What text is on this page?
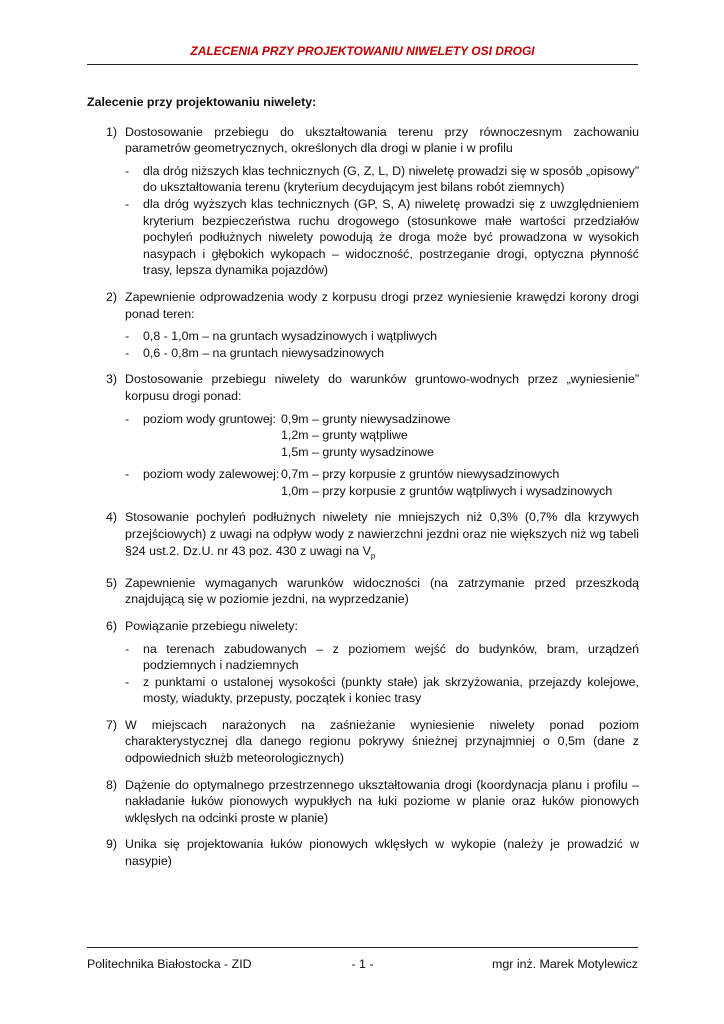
ZALECENIA PRZY PROJEKTOWANIU NIWELETY OSI DROGI
Zalecenie przy projektowaniu niwelety:
1) Dostosowanie przebiegu do ukształtowania terenu przy równoczesnym zachowaniu parametrów geometrycznych, określonych dla drogi w planie i w profilu
-	dla dróg niższych klas technicznych (G, Z, L, D) niweletę prowadzi się w sposób „opisowy” do ukształtowania terenu (kryterium decydującym jest bilans robót ziemnych)
-	dla dróg wyższych klas technicznych (GP, S, A) niweletę prowadzi się z uwzględnieniem kryterium bezpieczeństwa ruchu drogowego (stosunkowe małe wartości przedziałów pochyleń podłużnych niwelety powodują że droga może być prowadzona w wysokich nasypach i głębokich wykopach – widoczność, postrzeganie drogi, optyczna płynność trasy, lepsza dynamika pojazdów)
2) Zapewnienie odprowadzenia wody z korpusu drogi przez wyniesienie krawędzi korony drogi ponad teren:
-	0,8 - 1,0m – na gruntach wysadzinowych i wątpliwych
-	0,6 - 0,8m – na gruntach niewysadzinowych
3) Dostosowanie przebiegu niwelety do warunków gruntowo-wodnych przez „wyniesienie” korpusu drogi ponad:
-	poziom wody gruntowej: 0,9m – grunty niewysadzinowe
1,2m – grunty wątpliwe
1,5m – grunty wysadzinowe
-	poziom wody zalewowej: 0,7m – przy korpusie z gruntów niewysadzinowych
1,0m – przy korpusie z gruntów wątpliwych i wysadzinowych
4) Stosowanie pochyleń podłużnych niwelety nie mniejszych niż 0,3% (0,7% dla krzywych przejściowych) z uwagi na odpływ wody z nawierzchni jezdni oraz nie większych niż wg tabeli §24 ust.2. Dz.U. nr 43 poz. 430 z uwagi na $V_p$
5) Zapewnienie wymaganych warunków widoczności (na zatrzymanie przed przeszkodą znajdującą się w poziomie jezdni, na wyprzedzanie)
6) Powiązanie przebiegu niwelety:
-	na terenach zabudowanych – z poziomem wejść do budynków, bram, urządzeń podziemnych i nadziemnych
-	z punktami o ustalonej wysokości (punkty stałe) jak skrzyżowania, przejazdy kolejowe, mosty, wiadukty, przepusty, początek i koniec trasy
7) W miejscach narażonych na zaśnieżanie wyniesienie niwelety ponad poziom charakterystycznej dla danego regionu pokrywy śnieżnej przynajmniej o 0,5m (dane z odpowiednich służb meteorologicznych)
8) Dążenie do optymalnego przestrzennego ukształtowania drogi (koordynacja planu i profilu – nakładanie łuków pionowych wypukłych na łuki poziome w planie oraz łuków pionowych wklęsłych na odcinki proste w planie)
9) Unika się projektowania łuków pionowych wklęsłych w wykopie (należy je prowadzić w nasypie)
Politechnika Białostocka - ZID	- 1 -	mgr inż. Marek Motylewicz
